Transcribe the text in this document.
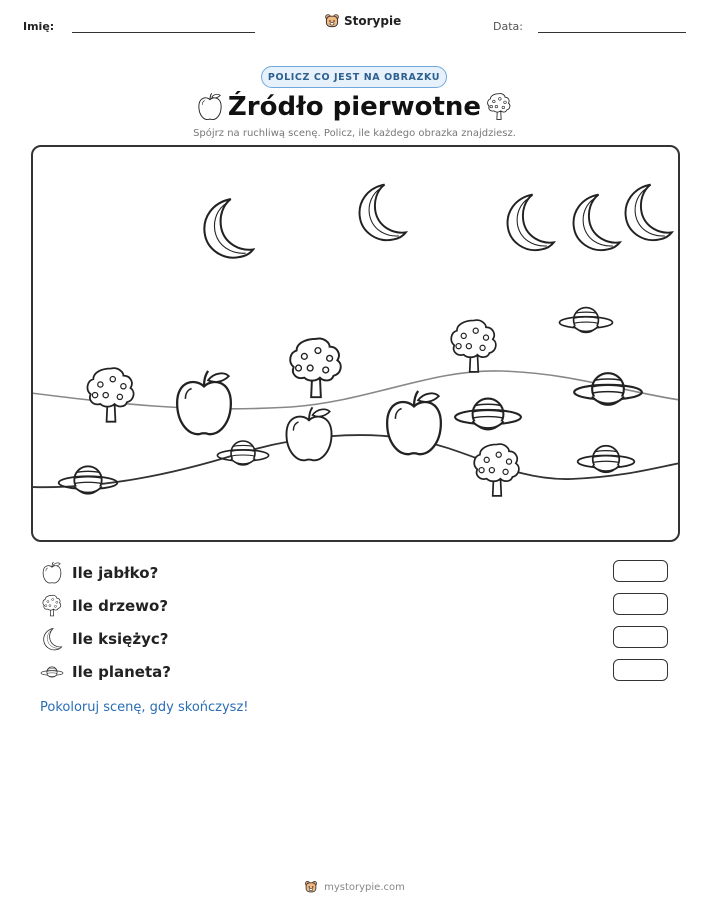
Imię:	Storypie	Data:
POLICZ CO JEST NA OBRAZKU
Źródło pierwotne
Spójrz na ruchliwą scenę. Policz, ile każdego obrazka znajdziesz.
Ile jabłko?
Ile drzewo?
Ile księżyc?
Ile planeta?
Pokoloruj scenę, gdy skończysz!
mystorypie.com
